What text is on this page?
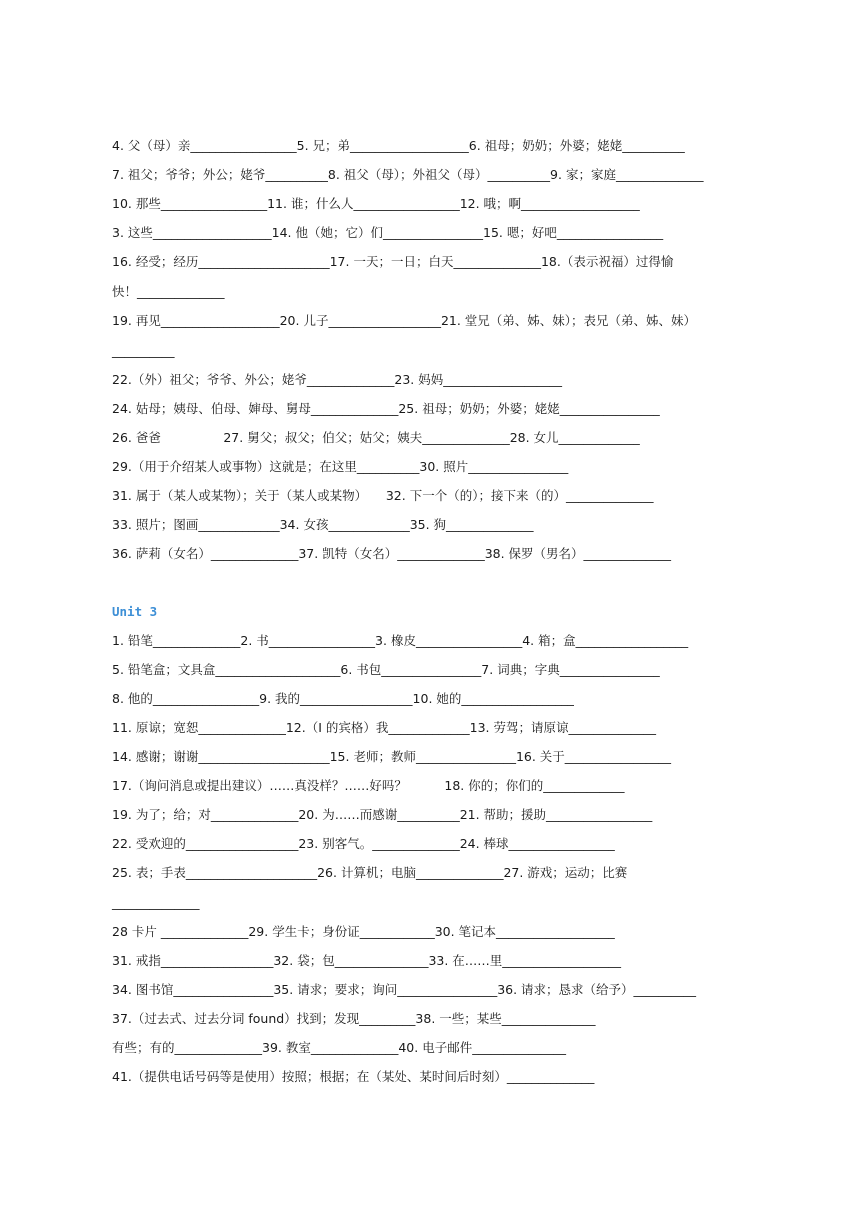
4. 父（母）亲_________________5. 兄；弟___________________6. 祖母；奶奶；外婆；姥姥__________
7. 祖父；爷爷；外公；姥爷__________8. 祖父（母）；外祖父（母）__________9. 家；家庭______________
10. 那些_________________11. 谁；什么人_________________12. 哦；啊___________________
3. 这些___________________14. 他（她；它）们________________15. 嗯；好吧_________________
16. 经受；经历_____________________17. 一天；一日；白天______________18.（表示祝福）过得愉
快！______________
19. 再见___________________20. 儿子__________________21. 堂兄（弟、姊、妹）；表兄（弟、姊、妹）
__________
22.（外）祖父；爷爷、外公；姥爷______________23. 妈妈___________________
24. 姑母；姨母、伯母、婶母、舅母______________25. 祖母；奶奶；外婆；姥姥________________
26. 爸爸　　　　　27. 舅父；叔父；伯父；姑父；姨夫______________28. 女儿_____________
29.（用于介绍某人或事物）这就是；在这里__________30. 照片________________
31. 属于（某人或某物）；关于（某人或某物）　　32. 下一个（的）；接下来（的）______________
33. 照片；图画_____________34. 女孩_____________35. 狗______________
36. 萨莉（女名）______________37. 凯特（女名）______________38. 保罗（男名）______________
Unit 3
1. 铅笔______________2. 书_________________3. 橡皮_________________4. 箱；盒__________________
5. 铅笔盒；文具盒____________________6. 书包________________7. 词典；字典________________
8. 他的_________________9. 我的__________________10. 她的__________________
11. 原谅；宽恕______________12.（I 的宾格）我_____________13. 劳驾；请原谅______________
14. 感谢；谢谢_____________________15. 老师；教师________________16. 关于_________________
17.（询问消息或提出建议）……真没样？……好吗？　　　18. 你的；你们的_____________
19. 为了；给；对______________20. 为……而感谢__________21. 帮助；援助_________________
22. 受欢迎的__________________23. 别客气。______________24. 棒球_________________
25. 表；手表_____________________26. 计算机；电脑______________27. 游戏；运动；比赛
______________
28 卡片 ______________29. 学生卡；身份证____________30. 笔记本___________________
31. 戒指__________________32. 袋；包_______________33. 在……里___________________
34. 图书馆________________35. 请求；要求；询问________________36. 请求；恳求（给予）__________
37.（过去式、过去分词 found）找到；发现_________38. 一些；某些_______________
有些；有的______________39. 教室______________40. 电子邮件_______________
41.（提供电话号码等是使用）按照；根据；在（某处、某时间后时刻）______________
